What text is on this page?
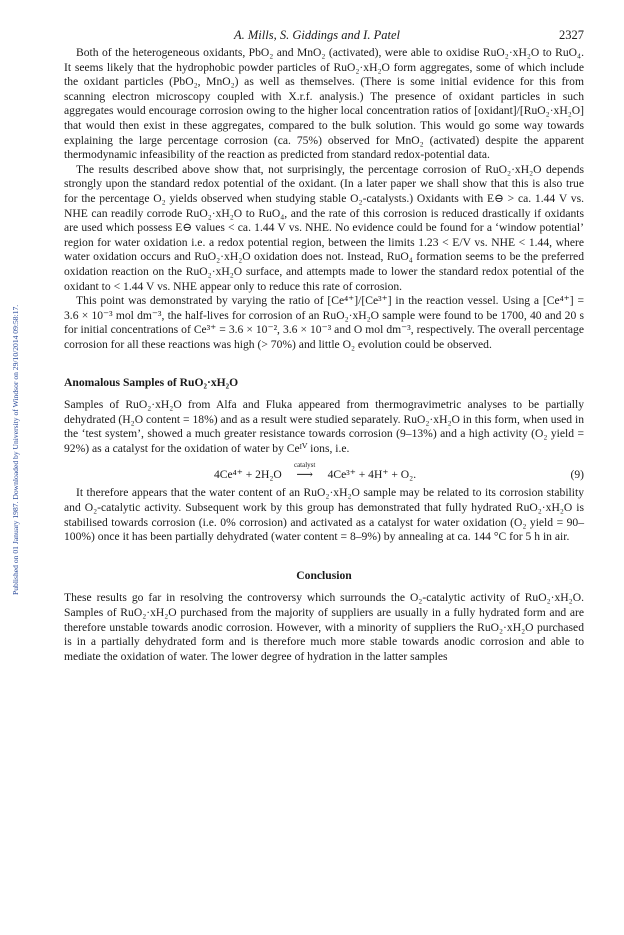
Published on 01 January 1987. Downloaded by University of Windsor on 29/10/2014 09:58:17.
A. Mills, S. Giddings and I. Patel	2327

Both of the heterogeneous oxidants, PbO₂ and MnO₂ (activated), were able to oxidise RuO₂·xH₂O to RuO₄. It seems likely that the hydrophobic powder particles of RuO₂·xH₂O form aggregates, some of which include the oxidant particles (PbO₂, MnO₂) as well as themselves. (There is some initial evidence for this from scanning electron microscopy coupled with X.r.f. analysis.) The presence of oxidant particles in such aggregates would encourage corrosion owing to the higher local concentration ratios of [oxidant]/[RuO₂·xH₂O] that would then exist in these aggregates, compared to the bulk solution. This would go some way towards explaining the large percentage corrosion (ca. 75%) observed for MnO₂ (activated) despite the apparent thermodynamic infeasibility of the reaction as predicted from standard redox-potential data.

The results described above show that, not surprisingly, the percentage corrosion of RuO₂·xH₂O depends strongly upon the standard redox potential of the oxidant. (In a later paper we shall show that this is also true for the percentage O₂ yields observed when studying stable O₂-catalysts.) Oxidants with E⊖ > ca. 1.44 V vs. NHE can readily corrode RuO₂·xH₂O to RuO₄, and the rate of this corrosion is reduced drastically if oxidants are used which possess E⊖ values < ca. 1.44 V vs. NHE. No evidence could be found for a ‘window potential’ region for water oxidation i.e. a redox potential region, between the limits 1.23 < E/V vs. NHE < 1.44, where water oxidation occurs and RuO₂·xH₂O oxidation does not. Instead, RuO₄ formation seems to be the preferred oxidation reaction on the RuO₂·xH₂O surface, and attempts made to lower the standard redox potential of the oxidant to < 1.44 V vs. NHE appear only to reduce this rate of corrosion.

This point was demonstrated by varying the ratio of [Ce⁴⁺]/[Ce³⁺] in the reaction vessel. Using a [Ce⁴⁺] = 3.6 × 10⁻³ mol dm⁻³, the half-lives for corrosion of an RuO₂·xH₂O sample were found to be 1700, 40 and 20 s for initial concentrations of Ce³⁺ = 3.6 × 10⁻², 3.6 × 10⁻³ and O mol dm⁻³, respectively. The overall percentage corrosion for all these reactions was high (> 70%) and little O₂ evolution could be observed.

Anomalous Samples of RuO₂·xH₂O

Samples of RuO₂·xH₂O from Alfa and Fluka appeared from thermogravimetric analyses to be partially dehydrated (H₂O content = 18%) and as a result were studied separately. RuO₂·xH₂O in this form, when used in the ‘test system’, showed a much greater resistance towards corrosion (9–13%) and a high activity (O₂ yield = 92%) as a catalyst for the oxidation of water by Ceᴵⱽ ions, i.e.

4Ce⁴⁺ + 2H₂O
catalyst
⟶ 4Ce³⁺ + 4H⁺ + O₂.	(9)

It therefore appears that the water content of an RuO₂·xH₂O sample may be related to its corrosion stability and O₂-catalytic activity. Subsequent work by this group has demonstrated that fully hydrated RuO₂·xH₂O is stabilised towards corrosion (i.e. 0% corrosion) and activated as a catalyst for water oxidation (O₂ yield = 90–100%) once it has been partially dehydrated (water content = 8–9%) by annealing at ca. 144 °C for 5 h in air.

Conclusion

These results go far in resolving the controversy which surrounds the O₂-catalytic activity of RuO₂·xH₂O. Samples of RuO₂·xH₂O purchased from the majority of suppliers are usually in a fully hydrated form and are therefore unstable towards anodic corrosion. However, with a minority of suppliers the RuO₂·xH₂O purchased is in a partially dehydrated form and is therefore much more stable towards anodic corrosion and able to mediate the oxidation of water. The lower degree of hydration in the latter samples
